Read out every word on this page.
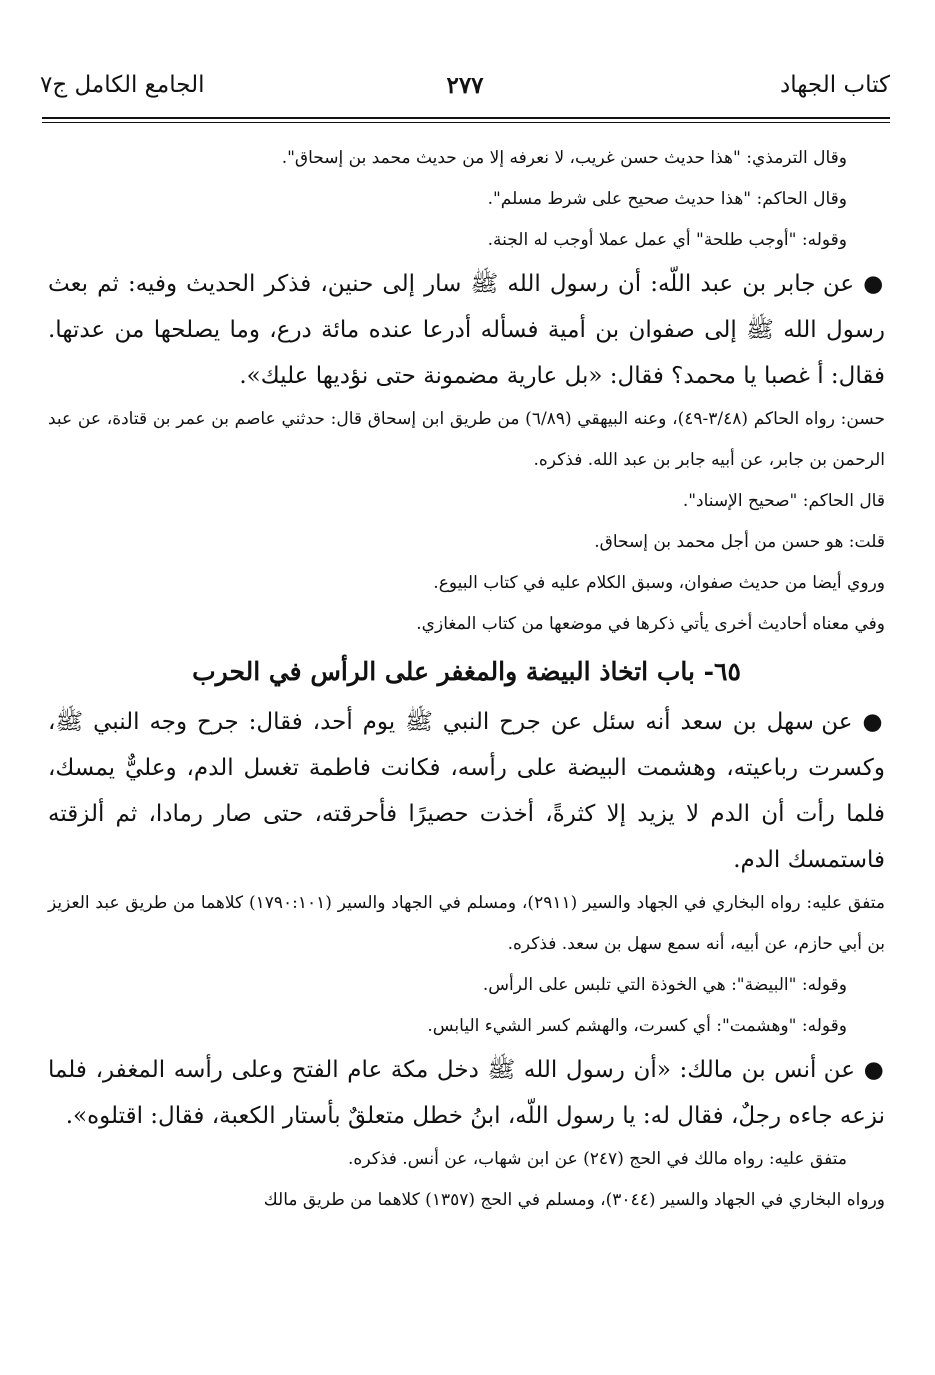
كتاب الجهاد
٢٧٧
الجامع الكامل ج٧

وقال الترمذي: "هذا حديث حسن غريب، لا نعرفه إلا من حديث محمد بن إسحاق".

وقال الحاكم: "هذا حديث صحيح على شرط مسلم".

وقوله: "أوجب طلحة" أي عمل عملا أوجب له الجنة.

● عن جابر بن عبد اللّه: أن رسول الله ﷺ سار إلى حنين، فذكر الحديث وفيه: ثم بعث رسول الله ﷺ إلى صفوان بن أمية فسأله أدرعا عنده مائة درع، وما يصلحها من عدتها. فقال: أ غصبا يا محمد؟ فقال: «بل عارية مضمونة حتى نؤديها عليك».

حسن: رواه الحاكم (٣/٤٨-٤٩)، وعنه البيهقي (٦/٨٩) من طريق ابن إسحاق قال: حدثني عاصم بن عمر بن قتادة، عن عبد الرحمن بن جابر، عن أبيه جابر بن عبد الله. فذكره.

قال الحاكم: "صحيح الإسناد".

قلت: هو حسن من أجل محمد بن إسحاق.

وروي أيضا من حديث صفوان، وسبق الكلام عليه في كتاب البيوع.

وفي معناه أحاديث أخرى يأتي ذكرها في موضعها من كتاب المغازي.

٦٥- باب اتخاذ البيضة والمغفر على الرأس في الحرب

● عن سهل بن سعد أنه سئل عن جرح النبي ﷺ يوم أحد، فقال: جرح وجه النبي ﷺ، وكسرت رباعيته، وهشمت البيضة على رأسه، فكانت فاطمة تغسل الدم، وعليٌّ يمسك، فلما رأت أن الدم لا يزيد إلا كثرةً، أخذت حصيرًا فأحرقته، حتى صار رمادا، ثم ألزقته فاستمسك الدم.

متفق عليه: رواه البخاري في الجهاد والسير (٢٩١١)، ومسلم في الجهاد والسير (١٧٩٠:١٠١) كلاهما من طريق عبد العزيز بن أبي حازم، عن أبيه، أنه سمع سهل بن سعد. فذكره.

وقوله: "البيضة": هي الخوذة التي تلبس على الرأس.

وقوله: "وهشمت": أي كسرت، والهشم كسر الشيء اليابس.

● عن أنس بن مالك: «أن رسول الله ﷺ دخل مكة عام الفتح وعلى رأسه المغفر، فلما نزعه جاءه رجلٌ، فقال له: يا رسول اللّه، ابنُ خطل متعلقٌ بأستار الكعبة، فقال: اقتلوه».

متفق عليه: رواه مالك في الحج (٢٤٧) عن ابن شهاب، عن أنس. فذكره.

ورواه البخاري في الجهاد والسير (٣٠٤٤)، ومسلم في الحج (١٣٥٧) كلاهما من طريق مالك
